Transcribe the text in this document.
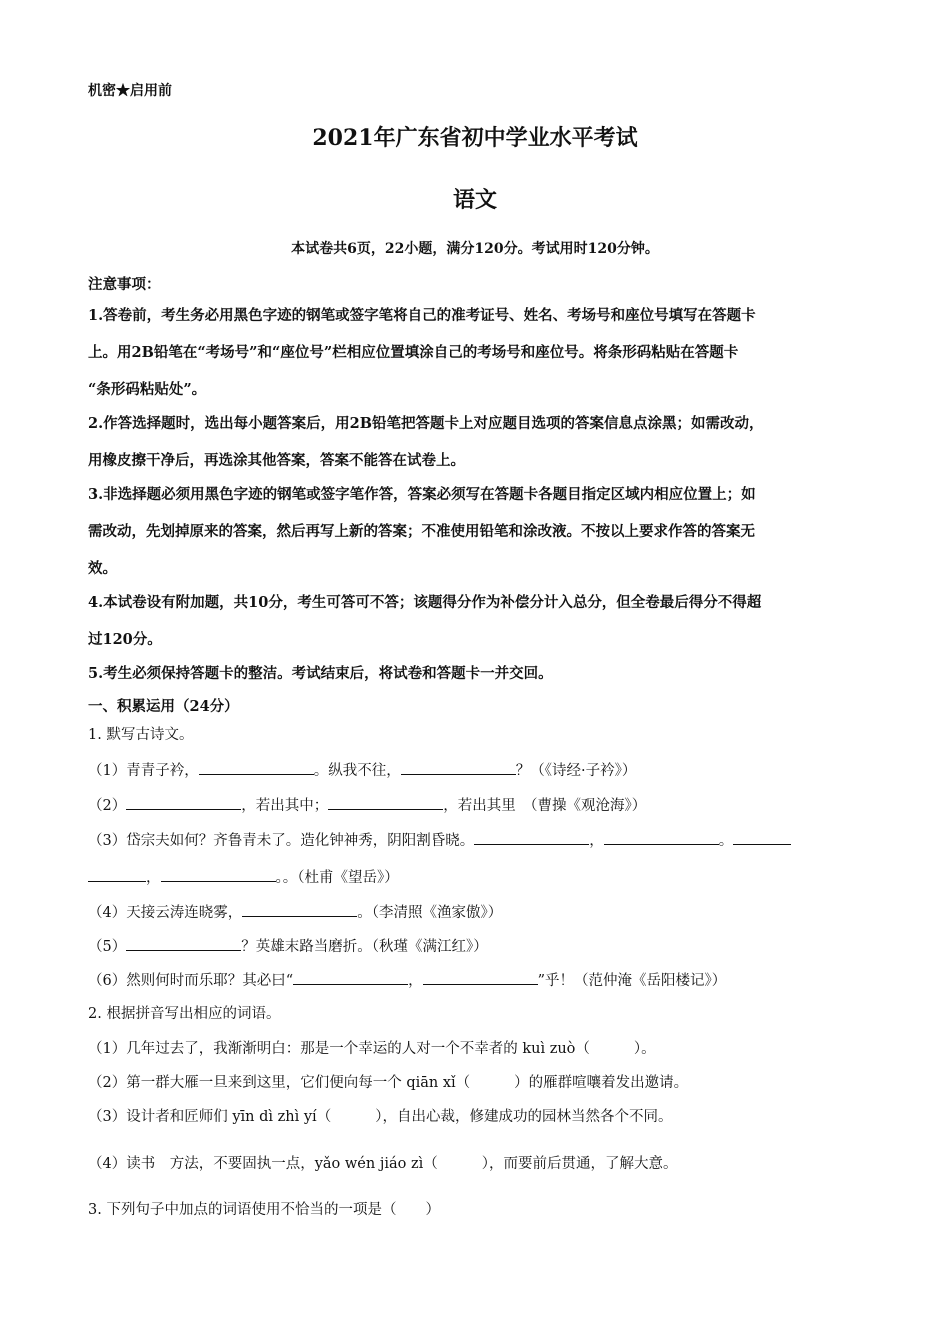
机密★启用前
2021年广东省初中学业水平考试
语文
本试卷共6页，22小题，满分120分。考试用时120分钟。
注意事项：
1.答卷前，考生务必用黑色字迹的钢笔或签字笔将自己的准考证号、姓名、考场号和座位号填写在答题卡
上。用2B铅笔在“考场号”和“座位号”栏相应位置填涂自己的考场号和座位号。将条形码粘贴在答题卡
“条形码粘贴处”。
2.作答选择题时，选出每小题答案后，用2B铅笔把答题卡上对应题目选项的答案信息点涂黑；如需改动，
用橡皮擦干净后，再选涂其他答案，答案不能答在试卷上。
3.非选择题必须用黑色字迹的钢笔或签字笔作答，答案必须写在答题卡各题目指定区域内相应位置上；如
需改动，先划掉原来的答案，然后再写上新的答案；不准使用铅笔和涂改液。不按以上要求作答的答案无
效。
4.本试卷设有附加题，共10分，考生可答可不答；该题得分作为补偿分计入总分，但全卷最后得分不得超
过120分。
5.考生必须保持答题卡的整洁。考试结束后，将试卷和答题卡一并交回。
一、积累运用（24分）
1. 默写古诗文。
（1）青青子衿，	。纵我不往，	？（《诗经·子衿》）
（2）	，若出其中；	，若出其里　（曹操《观沧海》）
（3）岱宗夫如何？齐鲁青未了。造化钟神秀，阴阳割昏晓。	，	。
，	。。（杜甫《望岳》）
（4）天接云涛连晓雾，	。（李清照《渔家傲》）
（5）	？英雄末路当磨折。（秋瑾《满江红》）
（6）然则何时而乐耶？其必曰“	，	”乎！（范仲淹《岳阳楼记》）
2. 根据拼音写出相应的词语。
（1）几年过去了，我渐渐明白：那是一个幸运的人对一个不幸者的 kuì zuò（	）。
（2）第一群大雁一旦来到这里，它们便向每一个 qiān xǐ（	）的雁群喧嚷着发出邀请。
（3）设计者和匠师们 yīn dì zhì yí（	），自出心裁，修建成功的园林当然各个不同。
（4）读书　方法，不要固执一点，yǎo wén jiáo zì（	），而要前后贯通，了解大意。
3. 下列句子中加点的词语使用不恰当的一项是（　　）
